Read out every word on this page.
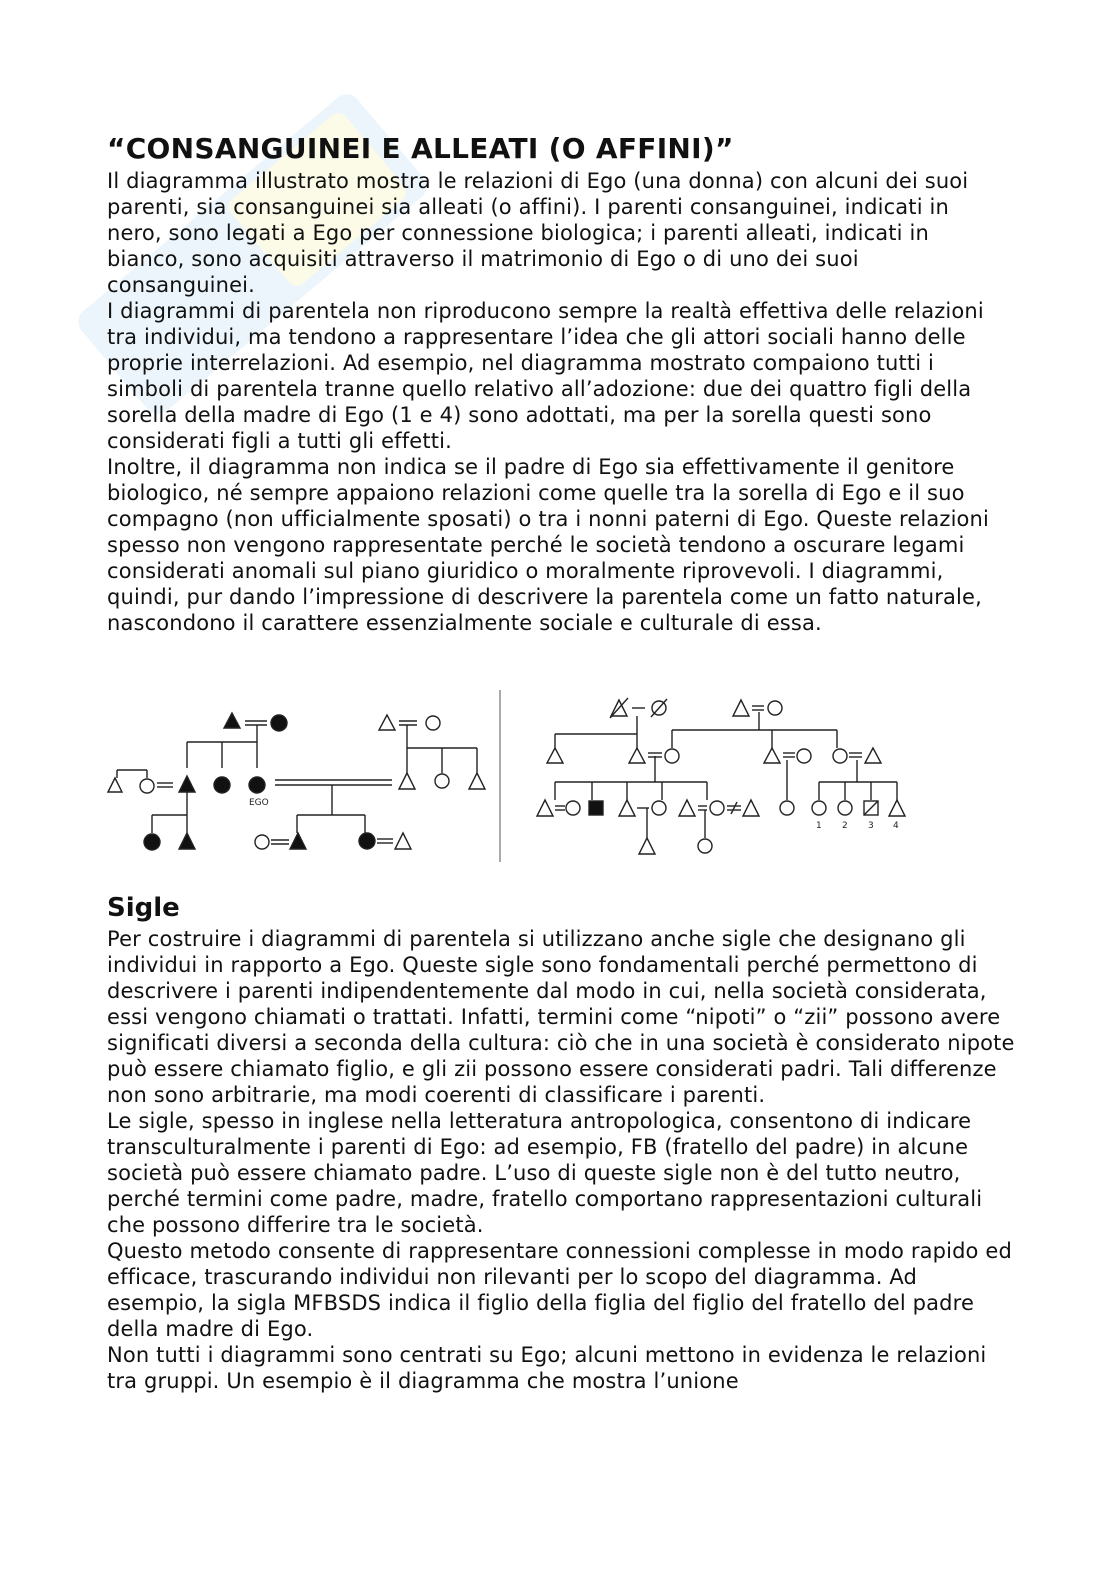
“CONSANGUINEI E ALLEATI (O AFFINI)”

Il diagramma illustrato mostra le relazioni di Ego (una donna) con alcuni dei suoi parenti, sia consanguinei sia alleati (o affini). I parenti consanguinei, indicati in nero, sono legati a Ego per connessione biologica; i parenti alleati, indicati in bianco, sono acquisiti attraverso il matrimonio di Ego o di uno dei suoi consanguinei.

I diagrammi di parentela non riproducono sempre la realtà effettiva delle relazioni tra individui, ma tendono a rappresentare l’idea che gli attori sociali hanno delle proprie interrelazioni. Ad esempio, nel diagramma mostrato compaiono tutti i simboli di parentela tranne quello relativo all’adozione: due dei quattro figli della sorella della madre di Ego (1 e 4) sono adottati, ma per la sorella questi sono considerati figli a tutti gli effetti.

Inoltre, il diagramma non indica se il padre di Ego sia effettivamente il genitore biologico, né sempre appaiono relazioni come quelle tra la sorella di Ego e il suo compagno (non ufficialmente sposati) o tra i nonni paterni di Ego. Queste relazioni spesso non vengono rappresentate perché le società tendono a oscurare legami considerati anomali sul piano giuridico o moralmente riprovevoli. I diagrammi, quindi, pur dando l’impressione di descrivere la parentela come un fatto naturale, nascondono il carattere essenzialmente sociale e culturale di essa.

EGO
1 2 3 4
Sigle

Per costruire i diagrammi di parentela si utilizzano anche sigle che designano gli individui in rapporto a Ego. Queste sigle sono fondamentali perché permettono di descrivere i parenti indipendentemente dal modo in cui, nella società considerata, essi vengono chiamati o trattati. Infatti, termini come “nipoti” o “zii” possono avere significati diversi a seconda della cultura: ciò che in una società è considerato nipote può essere chiamato figlio, e gli zii possono essere considerati padri. Tali differenze non sono arbitrarie, ma modi coerenti di classificare i parenti.

Le sigle, spesso in inglese nella letteratura antropologica, consentono di indicare transculturalmente i parenti di Ego: ad esempio, FB (fratello del padre) in alcune società può essere chiamato padre. L’uso di queste sigle non è del tutto neutro, perché termini come padre, madre, fratello comportano rappresentazioni culturali che possono differire tra le società.

Questo metodo consente di rappresentare connessioni complesse in modo rapido ed efficace, trascurando individui non rilevanti per lo scopo del diagramma. Ad esempio, la sigla MFBSDS indica il figlio della figlia del figlio del fratello del padre della madre di Ego.

Non tutti i diagrammi sono centrati su Ego; alcuni mettono in evidenza le relazioni tra gruppi. Un esempio è il diagramma che mostra l’unione
